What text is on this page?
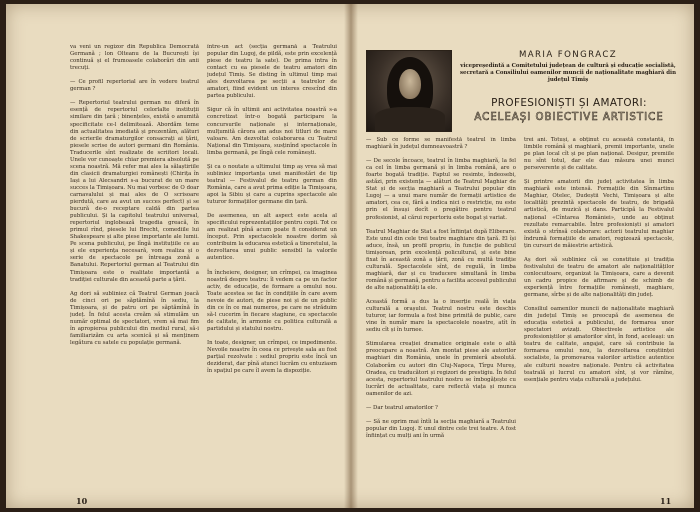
va veni un regizor din Republica Democrată Germană ; lon Olteanu de la București își continuă și el frumoasele colaborări din anii trecuți.

— Ce profil repertorial are în vedere teatrul german ?

— Repertoriul teatrului german nu diferă în esență de repertoriul celorlalte instituții similare din țară ; binențeles, există o anumită specificitate ce-l delimitează. Abordăm teme din actualitatea imediată și prezentăm, alături de scrierile dramaturgilor consacrați ai țării, piesele scrise de autori germani din România. Traducerile sînt realizate de scriitori locali. Unele vor cunoaște chiar premiera absolută pe scena noastră. Mă refer mai ales la sălaștiriile din clasicii dramaturgiei românești (Chirița în Iași a lui Alecsandri s-a bucurat de un mare succes la Timișoara. Nu mai vorbesc de O doar carnavalului și mai ales de O scrisoare pierdută, care au avut un succes perfect) și se bucură de-o receptare caldă din partea publicului. Și la capitolul teatrului universal, repertoriul inglobează tragedia greacă, în primul rînd, piesele lui Brecht, comediile lui Shakespeare și alte piese importante ale lumii. Pe scena publicului, pe lîngă instituțiile ce au și ele experiența necesară, vom realiza și o serie de spectacole pe întreaga zonă a Banatului. Repertoriul german al Teatrului din Timișoara este o realitate importantă a tradiției culturale din această parte a țării.

Ag dori să subliniez că Teatrul German joacă de cinci ori pe săptămînă în sediu, la Timișoara, și de patru ori pe săptămînă în județ. În felul acesta creăm să stimulăm un număr optimal de spectatori, vrem să mai fim în apropierea publicului din mediul rural, să-i familiarizăm cu arta scenică și să menținem legătura cu satele cu populație germană.
între-un act (secția germană a Teatrului popular din Lugoj, de pildă, este prin excelență piese de teatru la sate). De prima intra în contact cu ea piesele de teatru amatori din județul Timiș. Se disting în ultimul timp mai ales dezvoltarea pe secții a teatrelor de amatori, fiind evident un interes crescînd din partea publicului.

Sigur că în ultimii ani activitatea noastră s-a concretizat într-o bogată participare la concursurile naționale și internaționale, mulțumită cărora am adus noi titluri de mare valoare. Am dezvoltat colaborarea cu Teatrul Național din Timișoara, susținînd spectacole în limba germană, pe lîngă cele românești.

Și ca o noutate a ultimului timp aș vrea să mai subliniez importanța unei manifestări de tip teatral — Festivalul de teatru german din România, care a avut prima ediție la Timișoara, apoi la Sibiu și care a cuprins spectacole ale tuturor formațiilor germane din țară.

De asemenea, un alt aspect este acela al specificului reprezentațiilor pentru copii. Tot ce am realizat pînă acum poate fi considerat un început. Prin spectacolele noastre dorim să contribuim la educarea estetică a tineretului, la dezvoltarea unui public sensibil la valorile autentice.

În încheiere, designer, un crîmpei, ca imaginea noastră despre teatru: îl vedem ca pe un factor activ, de educație, de formare a omului nou. Toate acestea se fac în condițiile în care avem nevoie de autori, de piese noi și de un public din ce în ce mai numeros, pe care ne străduim să-l cucerim în fiecare stagiune, cu spectacole de calitate, în armonie cu politica culturală a partidului și statului nostru.

In toate, designer, un crîmpei, ce impedimente. Nevoile noastre în ceea ce privește sala au fost parțial rezolvate : sediul propriu este încă un deziderat, dar pînă atunci lucrăm cu entuziasm în spațiul pe care îl avem la dispoziție.
10

MARIA FONGRACZ

vicepreședintă a Comitetului județean de cultură și educație socialistă, secretară a Consiliului oamenilor muncii de naționalitate maghiară din județul Timiș

PROFESIONIȘTI ȘI AMATORI:

ACELEAȘI OBIECTIVE ARTISTICE
— Sub ce forme se manifestă teatrul în limba maghiară în județul dumneavoastră ?

— De secole încoace, teatrul în limba maghiară, la fel ca cel în limba germană și în limba română, are o foarte bogată tradiție. Faptul se resimte, îndeosebi, astăzi, prin existența — alături de Teatrul Maghiar de Stat și de secția maghiară a Teatrului popular din Lugoj — a unui mare număr de formații artistice de amatori, cea ce, fără a indica nici o restricție, nu este prin el însuși decît o pregătire pentru teatrul profesionist, al cărui repertoriu este bogat și variat.

Teatrul Maghiar de Stat a fost înființat după Eliberare. Este unul din cele trei teatre maghiare din țară. El își aduce, însă, un profil propriu, în funcție de publicul timișorean, prin excelență policultural, și este bine fixat în această zonă a țării, zonă cu multă tradiție culturală. Spectacolele sînt, de regulă, în limba maghiară, dar și cu traducere simultană în limba română și germană, pentru a facilita accesul publicului de alte naționalități la ele.

Această formă a dus la o inserție reală în viața culturală a orașului. Teatrul nostru este deschis tuturor, iar formula a fost bine primită de public, care vine în număr mare la spectacolele noastre, atît în sediu cît și în turnee.

Stimularea creației dramatice originale este o altă preocupare a noastră. Am montat piese ale autorilor maghiari din România, unele în premieră absolută. Colaborăm cu autori din Cluj-Napoca, Tîrgu Mureș, Oradea, cu traducători și regizori de prestigiu. În felul acesta, repertoriul teatrului nostru se îmbogățește cu lucrări de actualitate, care reflectă viața și munca oamenilor de azi.

— Dar teatrul amatorilor ?

— Să ne oprim mai întîi la secția maghiară a Teatrului popular din Lugoj. E unul dintre cele trei teatre. A fost înființat cu mulți ani în urmă
trei ani. Totuși, a obținut cu această constantă, în limbile română și maghiară, premii importante, unele pe plan local cît și pe plan național. Desigur, premiile nu sînt totul, dar ele dau măsura unei munci perseverente și de calitate.

Și printre amatorii din județ activitatea în limba maghiară este intensă. Formațiile din Sînmartinu Maghiar, Otelec, Dudeștii Vechi, Timișoara și alte localități prezintă spectacole de teatru, de brigadă artistică, de muzică și dans. Participă la Festivalul național «Cîntarea României», unde au obținut rezultate remarcabile. Între profesioniști și amatori există o strînsă colaborare: actorii teatrului maghiar îndrumă formațiile de amatori, regizează spectacole, țin cursuri de măiestrie artistică.

Aș dori să subliniez că se constituie și tradiția festivalului de teatru de amatori ale naționalităților conlocuitoare, organizat la Timișoara, care a devenit un cadru propice de afirmare și de schimb de experiență între formațiile românești, maghiare, germane, sîrbe și de alte naționalități din județ.

Consiliul oamenilor muncii de naționalitate maghiară din județul Timiș se preocupă de asemenea de educația estetică a publicului, de formarea unor spectatori avizați. Obiectivele artistice ale profesioniștilor și amatorilor sînt, în fond, aceleași: un teatru de calitate, angajat, care să contribuie la formarea omului nou, la dezvoltarea conștiinței socialiste, la promovarea valorilor artistice autentice ale culturii noastre naționale. Pentru că activitatea teatrală și lucrul cu amatori sînt, și vor rămîne, esențiale pentru viața culturală a județului.
11
